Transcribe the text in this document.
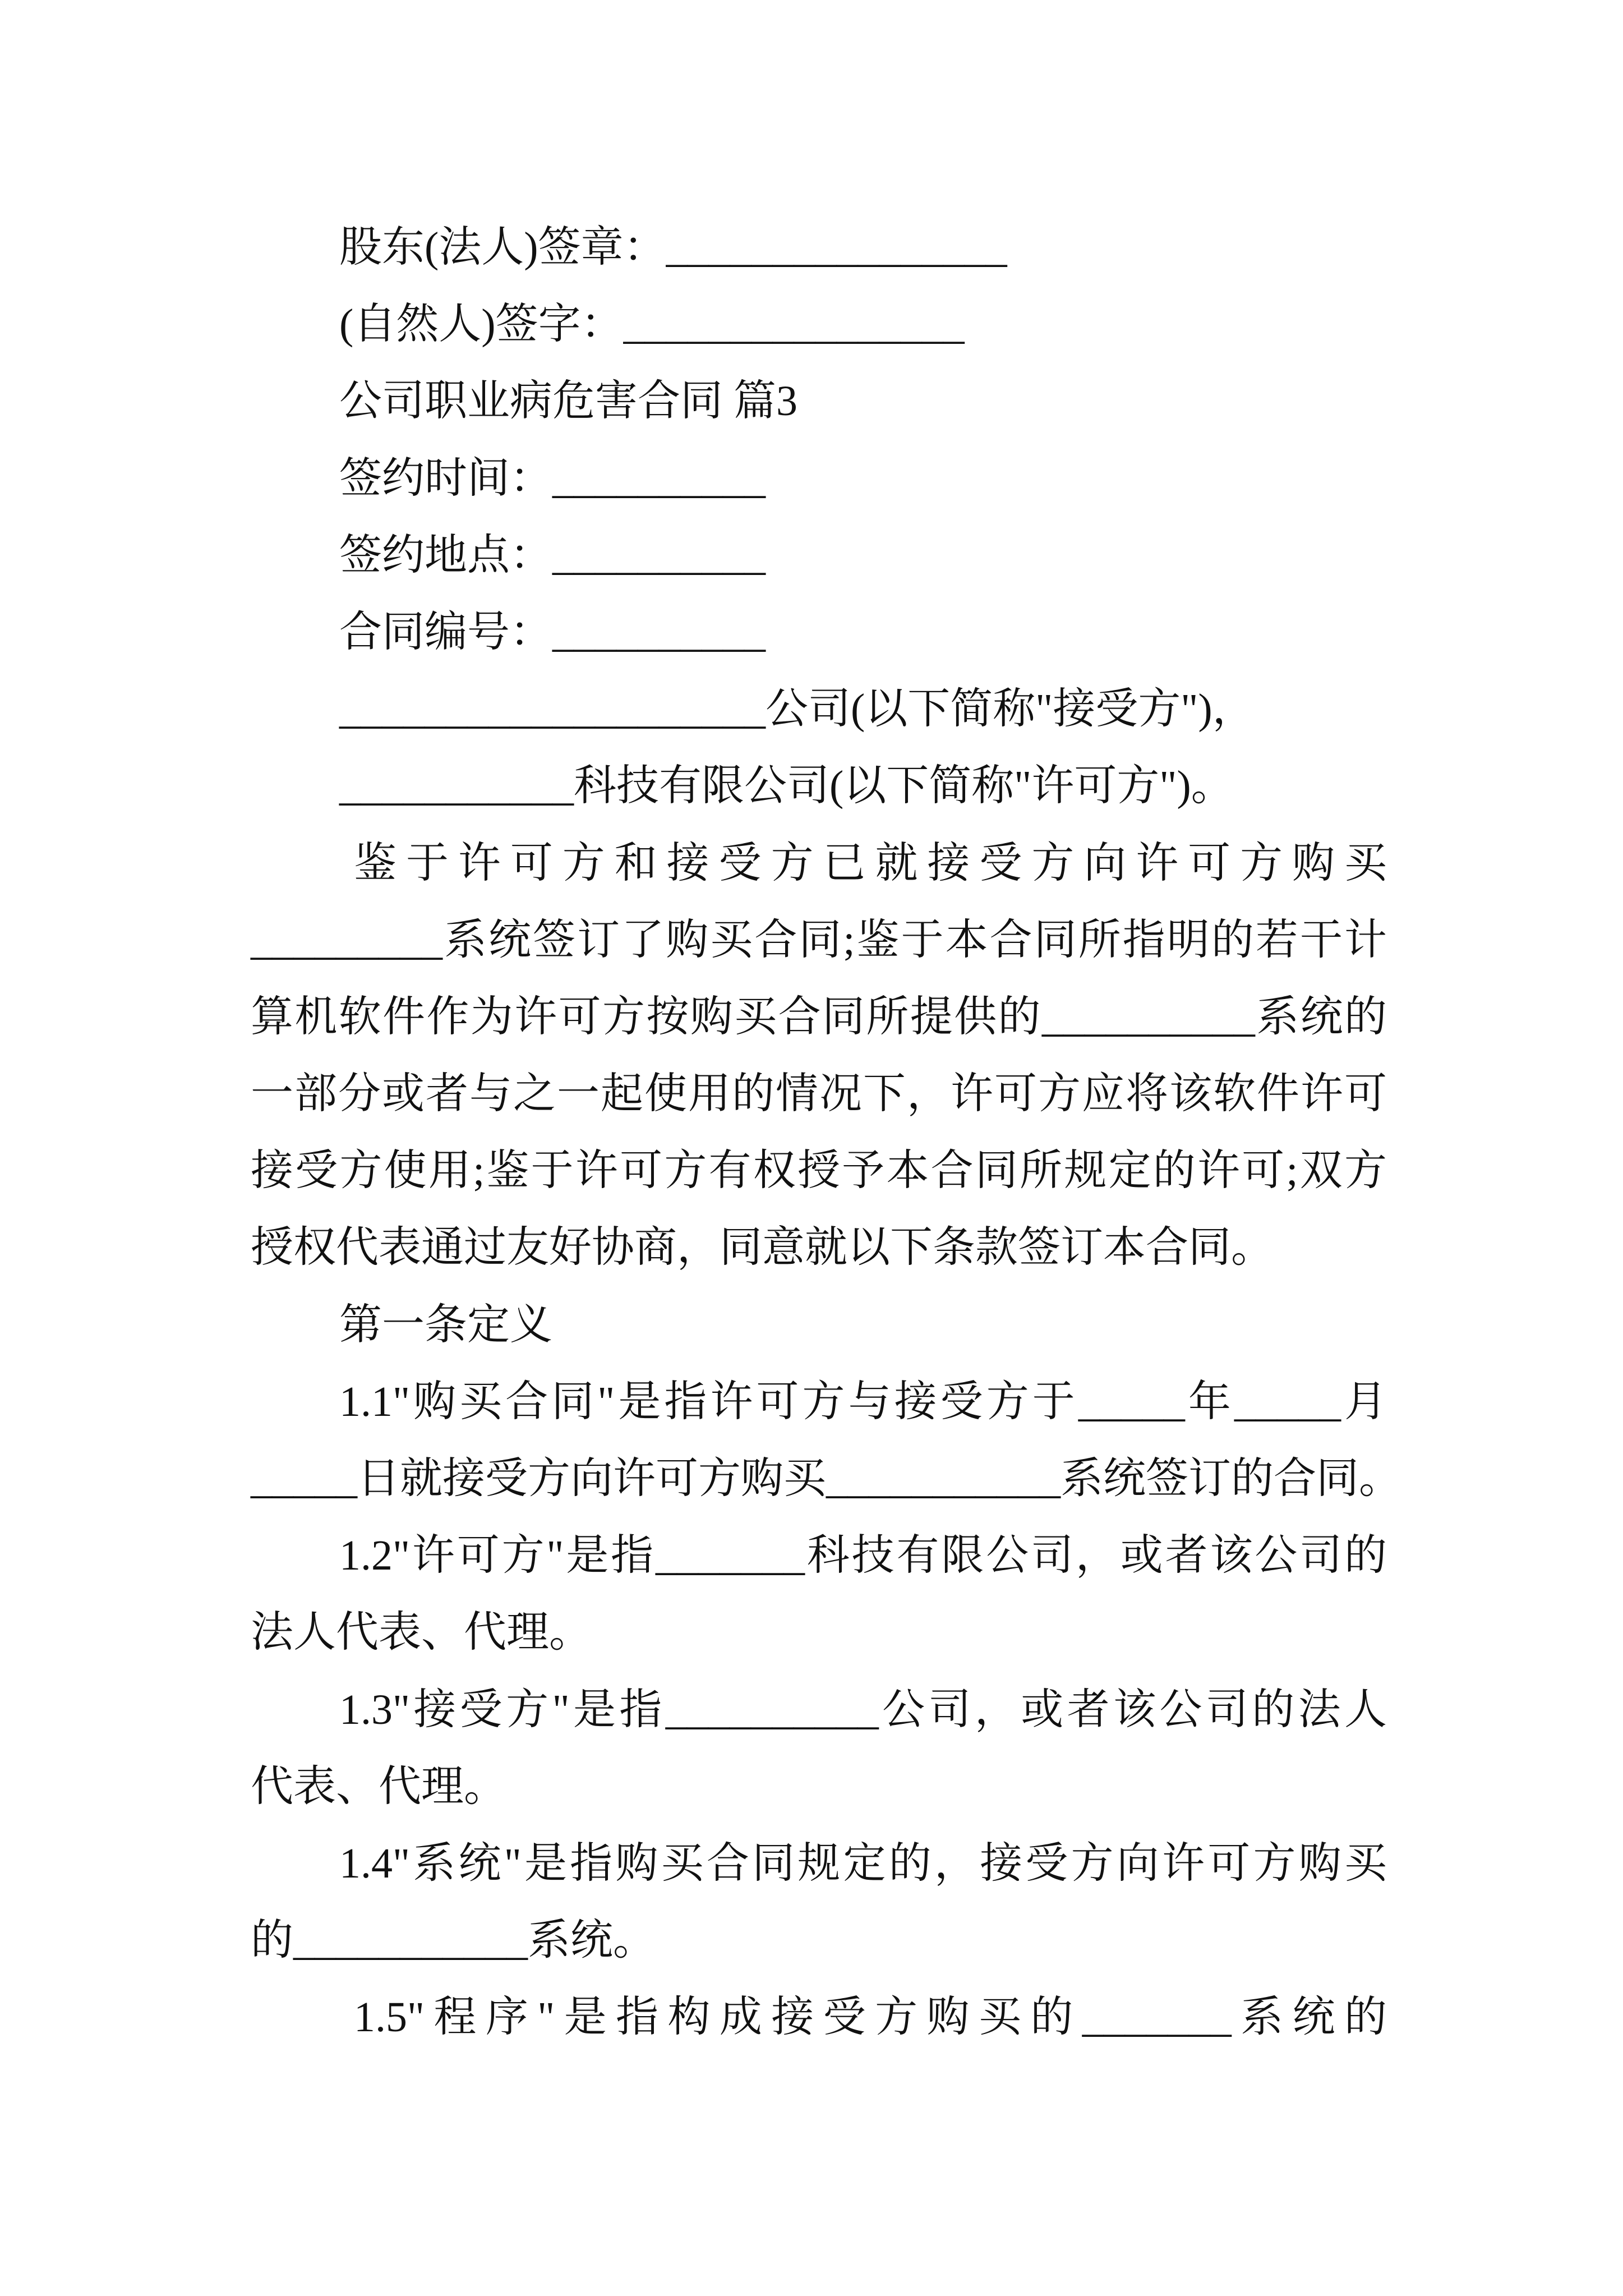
股东(法人)签章：________________
(自然人)签字：________________
公司职业病危害合同 篇3
签约时间：__________
签约地点：__________
合同编号：__________
____________________公司(以下简称"接受方")，
___________科技有限公司(以下简称"许可方")。
鉴于许可方和接受方已就接受方向许可方购买
_________系统签订了购买合同;鉴于本合同所指明的若干计
算机软件作为许可方按购买合同所提供的__________系统的
一部分或者与之一起使用的情况下，许可方应将该软件许可
接受方使用;鉴于许可方有权授予本合同所规定的许可;双方
授权代表通过友好协商，同意就以下条款签订本合同。
第一条定义
1.1"购买合同"是指许可方与接受方于_____年_____月
_____日就接受方向许可方购买___________系统签订的合同。
1.2"许可方"是指_______科技有限公司，或者该公司的
法人代表、代理。
1.3"接受方"是指__________公司，或者该公司的法人
代表、代理。
1.4"系统"是指购买合同规定的，接受方向许可方购买
的___________系统。
1.5"程序"是指构成接受方购买的_______系统的
